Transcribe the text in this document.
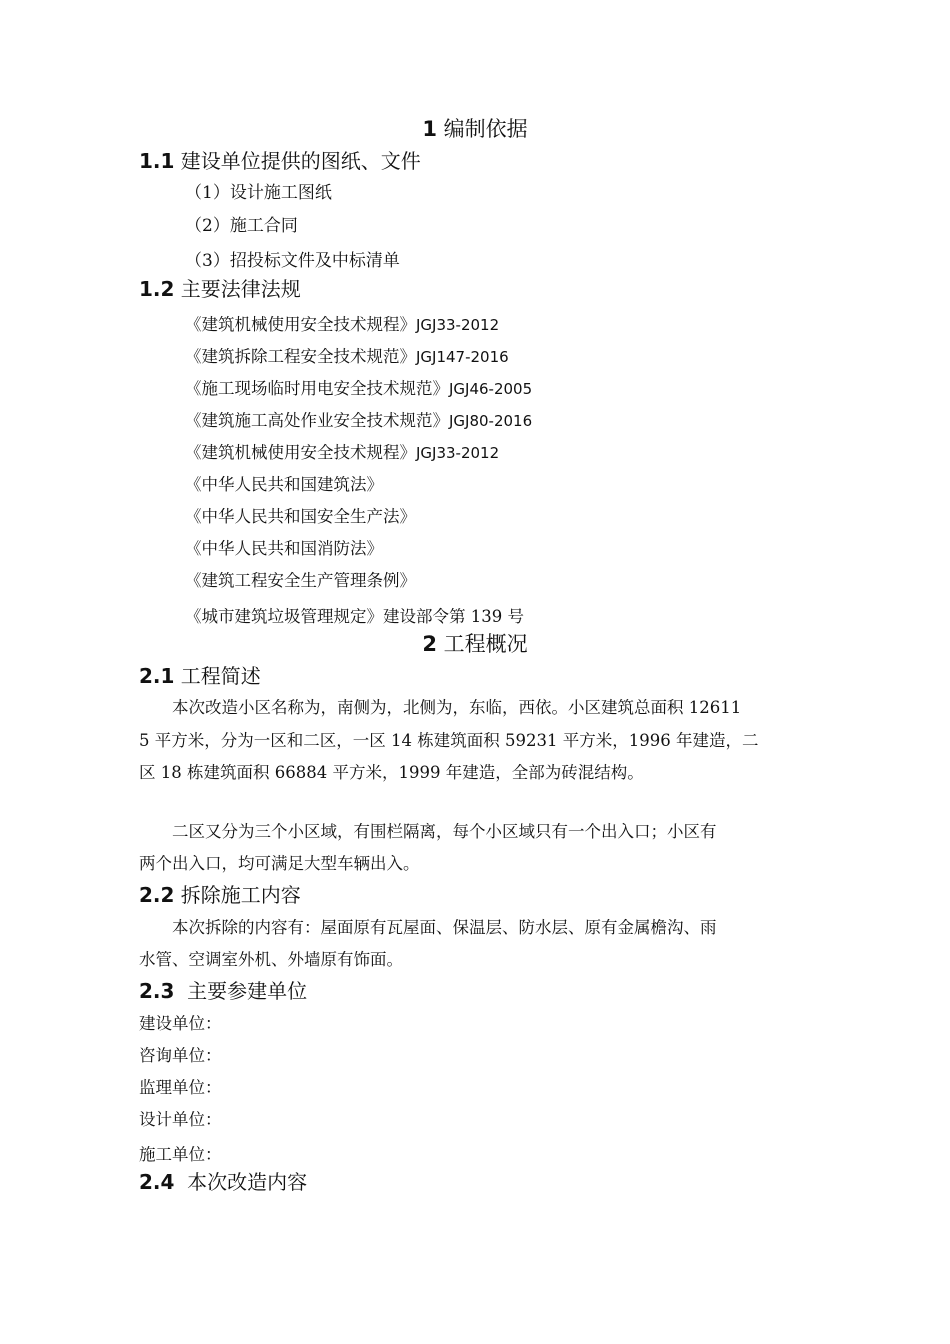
1 编制依据
1.1 建设单位提供的图纸、文件
（1）设计施工图纸
（2）施工合同
（3）招投标文件及中标清单
1.2 主要法律法规
《建筑机械使用安全技术规程》JGJ33-2012
《建筑拆除工程安全技术规范》JGJ147-2016
《施工现场临时用电安全技术规范》JGJ46-2005
《建筑施工高处作业安全技术规范》JGJ80-2016
《建筑机械使用安全技术规程》JGJ33-2012
《中华人民共和国建筑法》
《中华人民共和国安全生产法》
《中华人民共和国消防法》
《建筑工程安全生产管理条例》
《城市建筑垃圾管理规定》建设部令第 139 号
2 工程概况
2.1 工程简述
本次改造小区名称为，南侧为，北侧为，东临，西依。小区建筑总面积 12611
5 平方米，分为一区和二区，一区 14 栋建筑面积 59231 平方米，1996 年建造，二
区 18 栋建筑面积 66884 平方米，1999 年建造，全部为砖混结构。
二区又分为三个小区域，有围栏隔离，每个小区域只有一个出入口；小区有
两个出入口，均可满足大型车辆出入。
2.2 拆除施工内容
本次拆除的内容有：屋面原有瓦屋面、保温层、防水层、原有金属檐沟、雨
水管、空调室外机、外墙原有饰面。
2.3 主要参建单位
建设单位：
咨询单位：
监理单位：
设计单位：
施工单位：
2.4 本次改造内容
